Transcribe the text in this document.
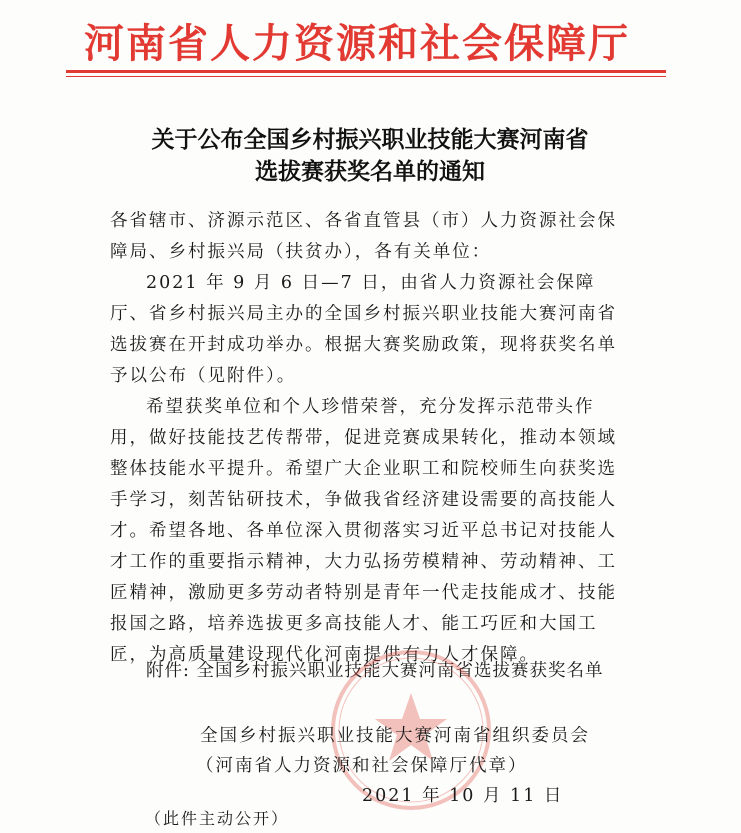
河南省人力资源和社会保障厅
关于公布全国乡村振兴职业技能大赛河南省
选拔赛获奖名单的通知

各省辖市、济源示范区、各省直管县（市）人力资源社会保障局、乡村振兴局（扶贫办），各有关单位：

2021 年 9 月 6 日—7 日，由省人力资源社会保障厅、省乡村振兴局主办的全国乡村振兴职业技能大赛河南省选拔赛在开封成功举办。根据大赛奖励政策，现将获奖名单予以公布（见附件）。

希望获奖单位和个人珍惜荣誉，充分发挥示范带头作用，做好技能技艺传帮带，促进竞赛成果转化，推动本领域整体技能水平提升。希望广大企业职工和院校师生向获奖选手学习，刻苦钻研技术，争做我省经济建设需要的高技能人才。希望各地、各单位深入贯彻落实习近平总书记对技能人才工作的重要指示精神，大力弘扬劳模精神、劳动精神、工匠精神，激励更多劳动者特别是青年一代走技能成才、技能报国之路，培养选拔更多高技能人才、能工巧匠和大国工匠，为高质量建设现代化河南提供有力人才保障。

附件: 全国乡村振兴职业技能大赛河南省选拔赛获奖名单
全国乡村振兴职业技能大赛河南省组织委员会
（河南省人力资源和社会保障厅代章）
2021 年 10 月 11 日
（此件主动公开）
